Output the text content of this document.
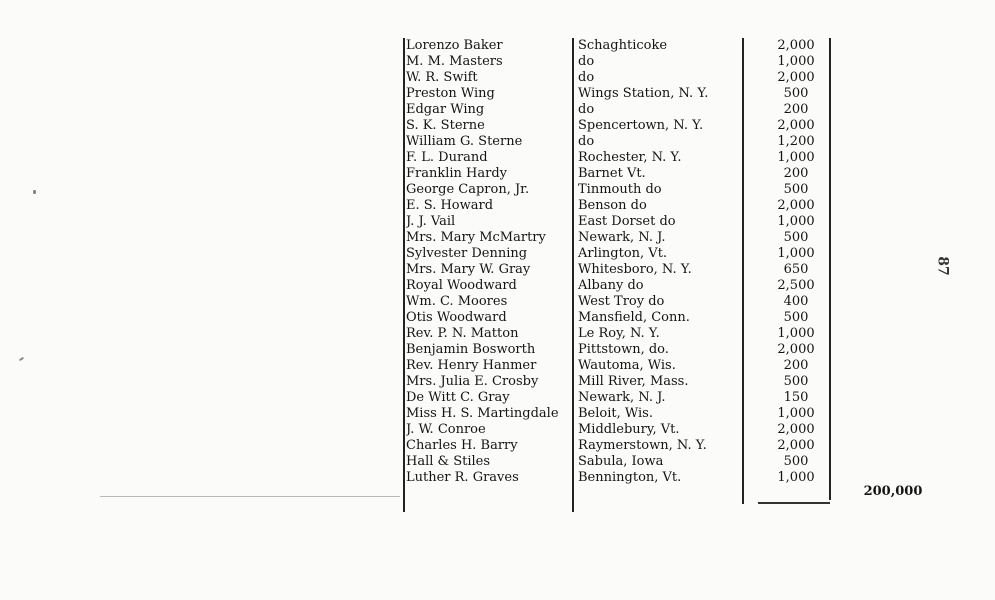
Lorenzo Baker	Schaghticoke	2,000
M. M. Masters	do	1,000
W. R. Swift	do	2,000
Preston Wing	Wings Station, N. Y.	500
Edgar Wing	do	200
S. K. Sterne	Spencertown, N. Y.	2,000
William G. Sterne	do	1,200
F. L. Durand	Rochester, N. Y.	1,000
Franklin Hardy	Barnet Vt.	200
George Capron, Jr.	Tinmouth do	500
E. S. Howard	Benson do	2,000
J. J. Vail	East Dorset do	1,000
Mrs. Mary McMartry	Newark, N. J.	500
Sylvester Denning	Arlington, Vt.	1,000
Mrs. Mary W. Gray	Whitesboro, N. Y.	650
Royal Woodward	Albany do	2,500
Wm. C. Moores	West Troy do	400
Otis Woodward	Mansfield, Conn.	500
Rev. P. N. Matton	Le Roy, N. Y.	1,000
Benjamin Bosworth	Pittstown, do.	2,000
Rev. Henry Hanmer	Wautoma, Wis.	200
Mrs. Julia E. Crosby	Mill River, Mass.	500
De Witt C. Gray	Newark, N. J.	150
Miss H. S. Martingdale	Beloit, Wis.	1,000
J. W. Conroe	Middlebury, Vt.	2,000
Charles H. Barry	Raymerstown, N. Y.	2,000
Hall & Stiles	Sabula, Iowa	500
Luther R. Graves	Bennington, Vt.	1,000
200,000
87
